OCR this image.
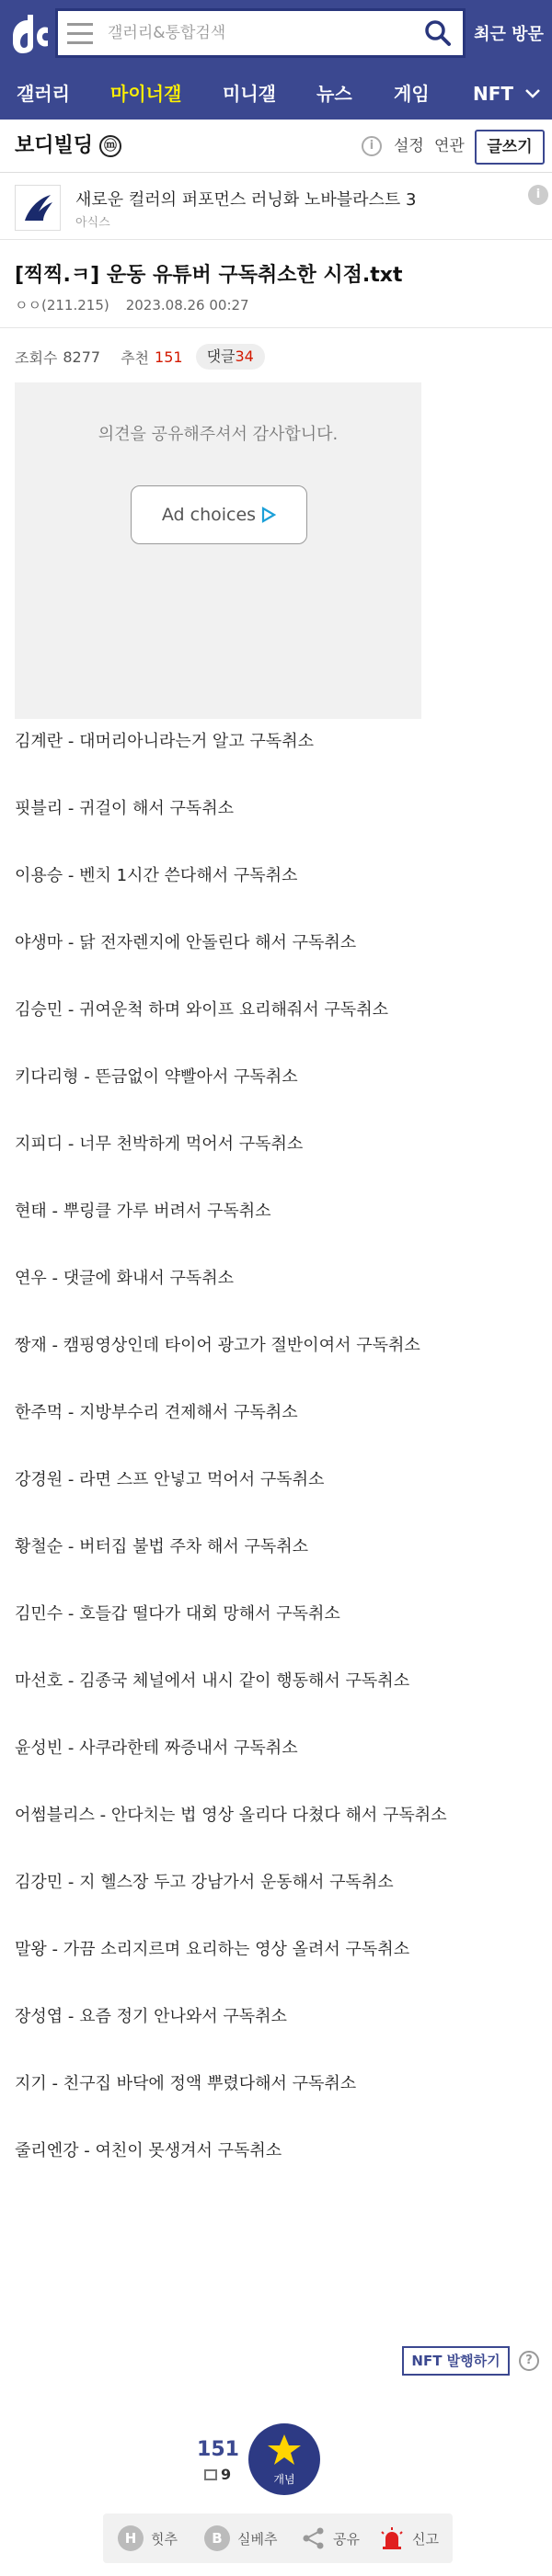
갤러리&통합검색
최근 방문
갤러리 마이너갤 미니갤 뉴스 게임 NFT
보디빌딩 ⓜ	i	설정 연관	글쓰기
새로운 컬러의 퍼포먼스 러닝화 노바블라스트 3
아식스
i
[찍찍.ㅋ] 운동 유튜버 구독취소한 시점.txt
ㅇㅇ(211.215) 2023.08.26 00:27
조회수 8277 추천 151	댓글34
의견을 공유해주셔서 감사합니다.
Ad choices
김계란 - 대머리아니라는거 알고 구독취소
핏블리 - 귀걸이 해서 구독취소
이용승 - 벤치 1시간 쓴다해서 구독취소
야생마 - 닭 전자렌지에 안돌린다 해서 구독취소
김승민 - 귀여운척 하며 와이프 요리해줘서 구독취소
키다리형 - 뜬금없이 약빨아서 구독취소
지피디 - 너무 천박하게 먹어서 구독취소
현태 - 뿌링클 가루 버려서 구독취소
연우 - 댓글에 화내서 구독취소
짱재 - 캠핑영상인데 타이어 광고가 절반이여서 구독취소
한주먹 - 지방부수리 견제해서 구독취소
강경원 - 라면 스프 안넣고 먹어서 구독취소
황철순 - 버터집 불법 주차 해서 구독취소
김민수 - 호들갑 떨다가 대회 망해서 구독취소
마선호 - 김종국 체널에서 내시 같이 행동해서 구독취소
윤성빈 - 사쿠라한테 짜증내서 구독취소
어썸블리스 - 안다치는 법 영상 올리다 다쳤다 해서 구독취소
김강민 - 지 헬스장 두고 강남가서 운동해서 구독취소
말왕 - 가끔 소리지르며 요리하는 영상 올려서 구독취소
장성엽 - 요즘 정기 안나와서 구독취소
지기 - 친구집 바닥에 정액 뿌렸다해서 구독취소
줄리엔강 - 여친이 못생겨서 구독취소
NFT 발행하기	?
151
9	개념
H	힛추	B	실베추	공유	신고
